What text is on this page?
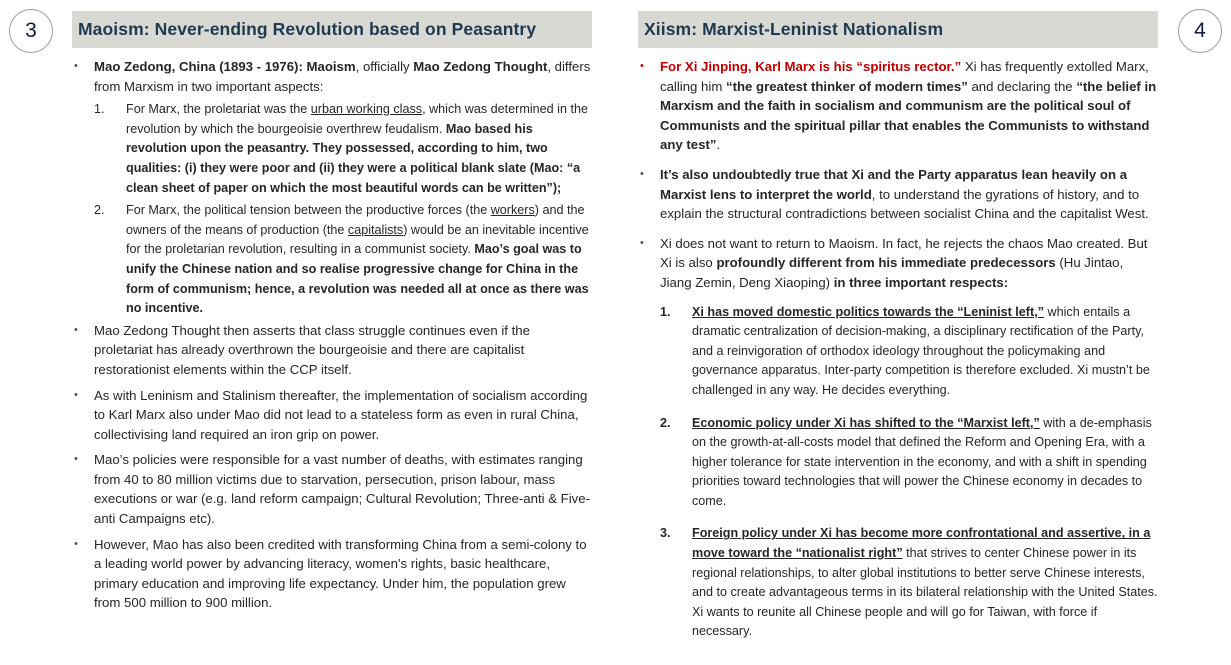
3	4
Maoism: Never-ending Revolution based on Peasantry
• Mao Zedong, China (1893 - 1976): Maoism, officially Mao Zedong Thought, differs from Marxism in two important aspects:
1. For Marx, the proletariat was the urban working class, which was determined in the revolution by which the bourgeoisie overthrew feudalism. Mao based his revolution upon the peasantry. They possessed, according to him, two qualities: (i) they were poor and (ii) they were a political blank slate (Mao: “a clean sheet of paper on which the most beautiful words can be written”);
2. For Marx, the political tension between the productive forces (the workers) and the owners of the means of production (the capitalists) would be an inevitable incentive for the proletarian revolution, resulting in a communist society. Mao’s goal was to unify the Chinese nation and so realise progressive change for China in the form of communism; hence, a revolution was needed all at once as there was no incentive.
• Mao Zedong Thought then asserts that class struggle continues even if the proletariat has already overthrown the bourgeoisie and there are capitalist restorationist elements within the CCP itself.
• As with Leninism and Stalinism thereafter, the implementation of socialism according to Karl Marx also under Mao did not lead to a stateless form as even in rural China, collectivising land required an iron grip on power.
• Mao’s policies were responsible for a vast number of deaths, with estimates ranging from 40 to 80 million victims due to starvation, persecution, prison labour, mass executions or war (e.g. land reform campaign; Cultural Revolution; Three-anti & Five-anti Campaigns etc).
• However, Mao has also been credited with transforming China from a semi-colony to a leading world power by advancing literacy, women's rights, basic healthcare, primary education and improving life expectancy. Under him, the population grew from 500 million to 900 million.
Xiism: Marxist-Leninist Nationalism
• For Xi Jinping, Karl Marx is his “spiritus rector.” Xi has frequently extolled Marx, calling him “the greatest thinker of modern times” and declaring the “the belief in Marxism and the faith in socialism and communism are the political soul of Communists and the spiritual pillar that enables the Communists to withstand any test”.
• It’s also undoubtedly true that Xi and the Party apparatus lean heavily on a Marxist lens to interpret the world, to understand the gyrations of history, and to explain the structural contradictions between socialist China and the capitalist West.
• Xi does not want to return to Maoism. In fact, he rejects the chaos Mao created. But Xi is also profoundly different from his immediate predecessors (Hu Jintao, Jiang Zemin, Deng Xiaoping) in three important respects:
1. Xi has moved domestic politics towards the “Leninist left,” which entails a dramatic centralization of decision-making, a disciplinary rectification of the Party, and a reinvigoration of orthodox ideology throughout the policymaking and governance apparatus. Inter-party competition is therefore excluded. Xi mustn’t be challenged in any way. He decides everything.
2. Economic policy under Xi has shifted to the “Marxist left,” with a de-emphasis on the growth-at-all-costs model that defined the Reform and Opening Era, with a higher tolerance for state intervention in the economy, and with a shift in spending priorities toward technologies that will power the Chinese economy in decades to come.
3. Foreign policy under Xi has become more confrontational and assertive, in a move toward the “nationalist right” that strives to center Chinese power in its regional relationships, to alter global institutions to better serve Chinese interests, and to create advantageous terms in its bilateral relationship with the United States. Xi wants to reunite all Chinese people and will go for Taiwan, with force if necessary.
